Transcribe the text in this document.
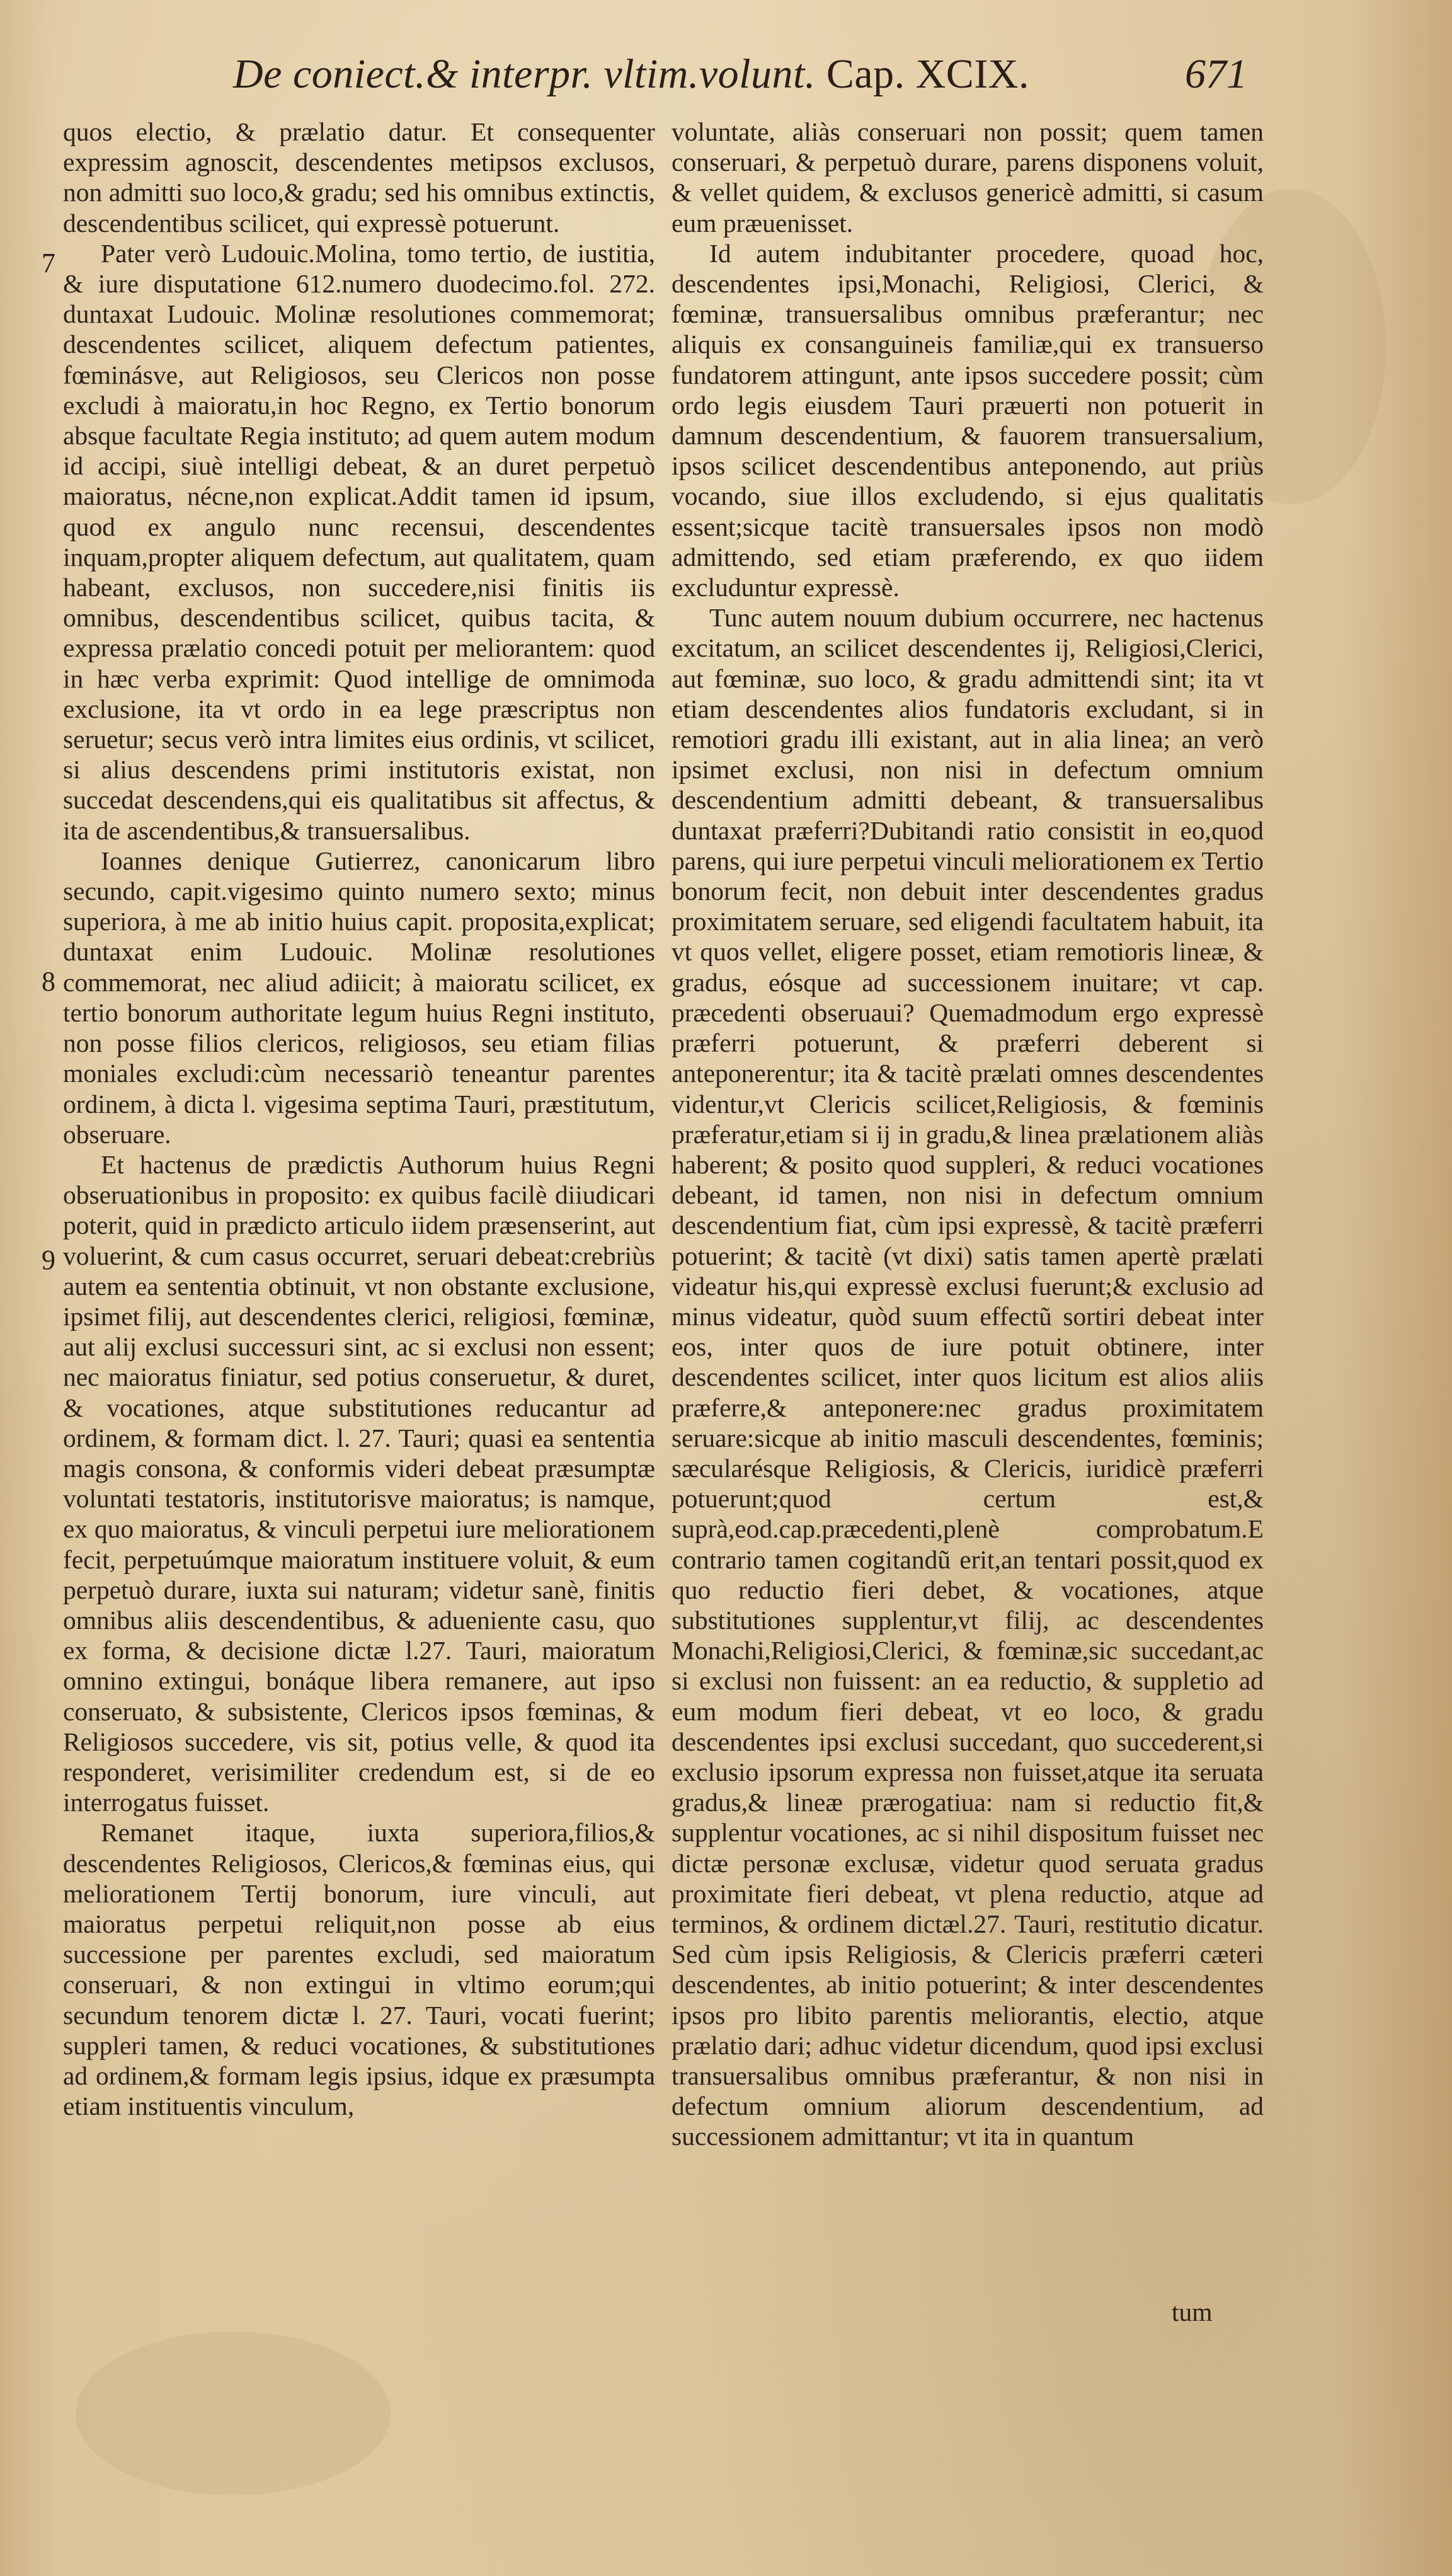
De coniect.& interpr. vltim.volunt. Cap. XCIX.	671
7
8
9

quos electio, & prælatio datur. Et consequenter expressim agnoscit, descendentes metipsos exclusos, non admitti suo loco,& gradu; sed his omnibus extinctis, descendentibus scilicet, qui expressè potuerunt.

Pater verò Ludouic.Molina, tomo tertio, de iustitia, & iure disputatione 612.numero duodecimo.fol. 272. duntaxat Ludouic. Molinæ resolutiones commemorat; descendentes scilicet, aliquem defectum patientes, fœminásve, aut Religiosos, seu Clericos non posse excludi à maioratu,in hoc Regno, ex Tertio bonorum absque facultate Regia instituto; ad quem autem modum id accipi, siuè intelligi debeat, & an duret perpetuò maioratus, nécne,non explicat.Addit tamen id ipsum, quod ex angulo nunc recensui, descendentes inquam,propter aliquem defectum, aut qualitatem, quam habeant, exclusos, non succedere,nisi finitis iis omnibus, descendentibus scilicet, quibus tacita, & expressa prælatio concedi potuit per meliorantem: quod in hæc verba exprimit: Quod intellige de omnimoda exclusione, ita vt ordo in ea lege præscriptus non seruetur; secus verò intra limites eius ordinis, vt scilicet, si alius descendens primi institutoris existat, non succedat descendens,qui eis qualitatibus sit affectus, & ita de ascendentibus,& transuersalibus.

Ioannes denique Gutierrez, canonicarum libro secundo, capit.vigesimo quinto numero sexto; minus superiora, à me ab initio huius capit. proposita,explicat; duntaxat enim Ludouic. Molinæ resolutiones commemorat, nec aliud adiicit; à maioratu scilicet, ex tertio bonorum authoritate legum huius Regni instituto, non posse filios clericos, religiosos, seu etiam filias moniales excludi:cùm necessariò teneantur parentes ordinem, à dicta l. vigesima septima Tauri, præstitutum, obseruare.

Et hactenus de prædictis Authorum huius Regni obseruationibus in proposito: ex quibus facilè diiudicari poterit, quid in prædicto articulo iidem præsenserint, aut voluerint, & cum casus occurret, seruari debeat:crebriùs autem ea sententia obtinuit, vt non obstante exclusione, ipsimet filij, aut descendentes clerici, religiosi, fœminæ, aut alij exclusi successuri sint, ac si exclusi non essent; nec maioratus finiatur, sed potius conseruetur, & duret, & vocationes, atque substitutiones reducantur ad ordinem, & formam dict. l. 27. Tauri; quasi ea sententia magis consona, & conformis videri debeat præsumptæ voluntati testatoris, institutorisve maioratus; is namque, ex quo maioratus, & vinculi perpetui iure meliorationem fecit, perpetuúmque maioratum instituere voluit, & eum perpetuò durare, iuxta sui naturam; videtur sanè, finitis omnibus aliis descendentibus, & adueniente casu, quo ex forma, & decisione dictæ l.27. Tauri, maioratum omnino extingui, bonáque libera remanere, aut ipso conseruato, & subsistente, Clericos ipsos fœminas, & Religiosos succedere, vis sit, potius velle, & quod ita responderet, verisimiliter credendum est, si de eo interrogatus fuisset.

Remanet itaque, iuxta superiora,filios,& descendentes Religiosos, Clericos,& fœminas eius, qui meliorationem Tertij bonorum, iure vinculi, aut maioratus perpetui reliquit,non posse ab eius successione per parentes excludi, sed maioratum conseruari, & non extingui in vltimo eorum;qui secundum tenorem dictæ l. 27. Tauri, vocati fuerint; suppleri tamen, & reduci vocationes, & substitutiones ad ordinem,& formam legis ipsius, idque ex præsumpta etiam instituentis vinculum,

voluntate, aliàs conseruari non possit; quem tamen conseruari, & perpetuò durare, parens disponens voluit, & vellet quidem, & exclusos genericè admitti, si casum eum præuenisset.

Id autem indubitanter procedere, quoad hoc, descendentes ipsi,Monachi, Religiosi, Clerici, & fœminæ, transuersalibus omnibus præferantur; nec aliquis ex consanguineis familiæ,qui ex transuerso fundatorem attingunt, ante ipsos succedere possit; cùm ordo legis eiusdem Tauri præuerti non potuerit in damnum descendentium, & fauorem transuersalium, ipsos scilicet descendentibus anteponendo, aut priùs vocando, siue illos excludendo, si ejus qualitatis essent;sicque tacitè transuersales ipsos non modò admittendo, sed etiam præferendo, ex quo iidem excluduntur expressè.

Tunc autem nouum dubium occurrere, nec hactenus excitatum, an scilicet descendentes ij, Religiosi,Clerici, aut fœminæ, suo loco, & gradu admittendi sint; ita vt etiam descendentes alios fundatoris excludant, si in remotiori gradu illi existant, aut in alia linea; an verò ipsimet exclusi, non nisi in defectum omnium descendentium admitti debeant, & transuersalibus duntaxat præferri?Dubitandi ratio consistit in eo,quod parens, qui iure perpetui vinculi meliorationem ex Tertio bonorum fecit, non debuit inter descendentes gradus proximitatem seruare, sed eligendi facultatem habuit, ita vt quos vellet, eligere posset, etiam remotioris lineæ, & gradus, eósque ad successionem inuitare; vt cap. præcedenti obseruaui? Quemadmodum ergo expressè præferri potuerunt, & præferri deberent si anteponerentur; ita & tacitè prælati omnes descendentes videntur,vt Clericis scilicet,Religiosis, & fœminis præferatur,etiam si ij in gradu,& linea prælationem aliàs haberent; & posito quod suppleri, & reduci vocationes debeant, id tamen, non nisi in defectum omnium descendentium fiat, cùm ipsi expressè, & tacitè præferri potuerint; & tacitè (vt dixi) satis tamen apertè prælati videatur his,qui expressè exclusi fuerunt;& exclusio ad minus videatur, quòd suum effectũ sortiri debeat inter eos, inter quos de iure potuit obtinere, inter descendentes scilicet, inter quos licitum est alios aliis præferre,& anteponere:nec gradus proximitatem seruare:sicque ab initio masculi descendentes, fœminis; sæcularésque Religiosis, & Clericis, iuridicè præferri potuerunt;quod certum est,& suprà,eod.cap.præcedenti,plenè comprobatum.E contrario tamen cogitandũ erit,an tentari possit,quod ex quo reductio fieri debet, & vocationes, atque substitutiones supplentur,vt filij, ac descendentes Monachi,Religiosi,Clerici, & fœminæ,sic succedant,ac si exclusi non fuissent: an ea reductio, & suppletio ad eum modum fieri debeat, vt eo loco, & gradu descendentes ipsi exclusi succedant, quo succederent,si exclusio ipsorum expressa non fuisset,atque ita seruata gradus,& lineæ prærogatiua: nam si reductio fit,& supplentur vocationes, ac si nihil dispositum fuisset nec dictæ personæ exclusæ, videtur quod seruata gradus proximitate fieri debeat, vt plena reductio, atque ad terminos, & ordinem dictæl.27. Tauri, restitutio dicatur. Sed cùm ipsis Religiosis, & Clericis præferri cæteri descendentes, ab initio potuerint; & inter descendentes ipsos pro libito parentis meliorantis, electio, atque prælatio dari; adhuc videtur dicendum, quod ipsi exclusi transuersalibus omnibus præferantur, & non nisi in defectum omnium aliorum descendentium, ad successionem admittantur; vt ita in quantum

tum
